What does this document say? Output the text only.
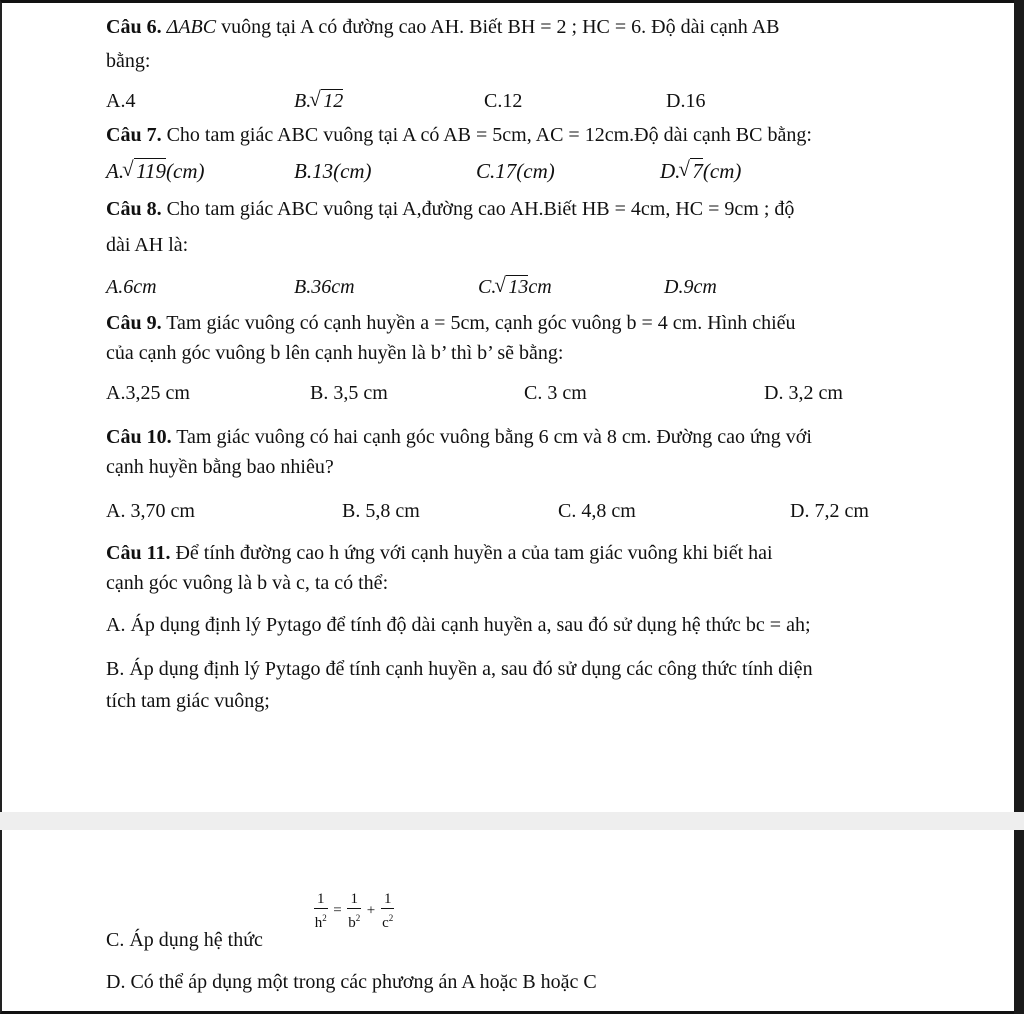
Câu 6. ΔABC vuông tại A có đường cao AH. Biết BH = 2 ; HC = 6. Độ dài cạnh AB
bằng:
A.4	B. √ 12	C.12	D.16
Câu 7. Cho tam giác ABC vuông tại A có AB = 5cm, AC = 12cm.Độ dài cạnh BC bằng:
A. √ 119(cm)	B.13(cm)	C.17(cm)	D. √ 7(cm)
Câu 8. Cho tam giác ABC vuông tại A,đường cao AH.Biết HB = 4cm, HC = 9cm ; độ
dài AH là:
A.6cm	B.36cm	C. √ 13cm	D.9cm
Câu 9. Tam giác vuông có cạnh huyền a = 5cm, cạnh góc vuông b = 4 cm. Hình chiếu
của cạnh góc vuông b lên cạnh huyền là b’ thì b’ sẽ bằng:
A.3,25 cm	B. 3,5 cm	C. 3 cm	D. 3,2 cm
Câu 10. Tam giác vuông có hai cạnh góc vuông bằng 6 cm và 8 cm. Đường cao ứng với
cạnh huyền bằng bao nhiêu?
A. 3,70 cm	B. 5,8 cm	C. 4,8 cm	D. 7,2 cm
Câu 11. Để tính đường cao h ứng với cạnh huyền a của tam giác vuông khi biết hai
cạnh góc vuông là b và c, ta có thể:
A. Áp dụng định lý Pytago để tính độ dài cạnh huyền a, sau đó sử dụng hệ thức bc = ah;
B. Áp dụng định lý Pytago để tính cạnh huyền a, sau đó sử dụng các công thức tính diện
tích tam giác vuông;
C. Áp dụng hệ thức
$\frac{1}{h^2} = \frac{1}{b^2} + \frac{1}{c^2}$
D. Có thể áp dụng một trong các phương án A hoặc B hoặc C
